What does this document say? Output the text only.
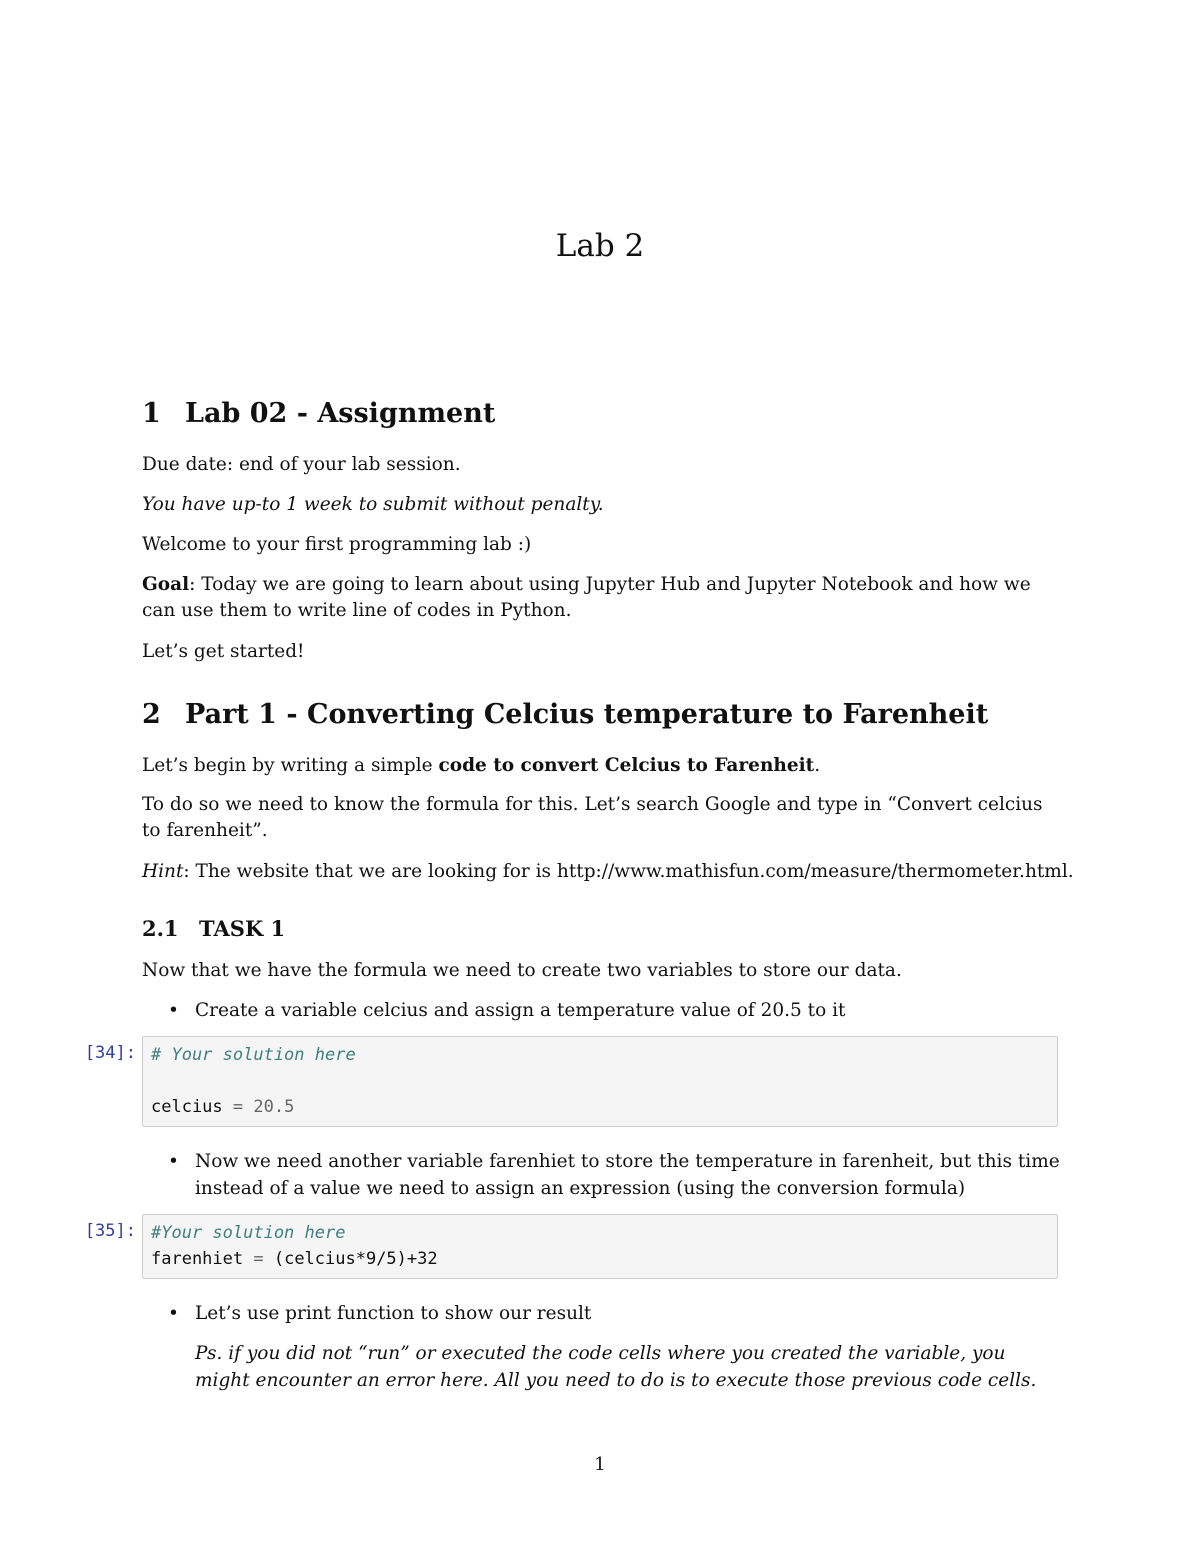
Lab 2
1 Lab 02 - Assignment
Due date: end of your lab session.
You have up-to 1 week to submit without penalty.
Welcome to your first programming lab :)
Goal: Today we are going to learn about using Jupyter Hub and Jupyter Notebook and how we can use them to write line of codes in Python.
Let’s get started!
2 Part 1 - Converting Celcius temperature to Farenheit
Let’s begin by writing a simple code to convert Celcius to Farenheit.
To do so we need to know the formula for this. Let’s search Google and type in “Convert celcius to farenheit”.
Hint: The website that we are looking for is http://www.mathisfun.com/measure/thermometer.html.
2.1 TASK 1
Now that we have the formula we need to create two variables to store our data.
• Create a variable celcius and assign a temperature value of 20.5 to it
[34]: # Your solution here

celcius = 20.5
• Now we need another variable farenhiet to store the temperature in farenheit, but this time instead of a value we need to assign an expression (using the conversion formula)
[35]: #Your solution here
farenhiet = (celcius*9/5)+32
• Let’s use print function to show our result
Ps. if you did not “run” or executed the code cells where you created the variable, you might encounter an error here. All you need to do is to execute those previous code cells.
1
